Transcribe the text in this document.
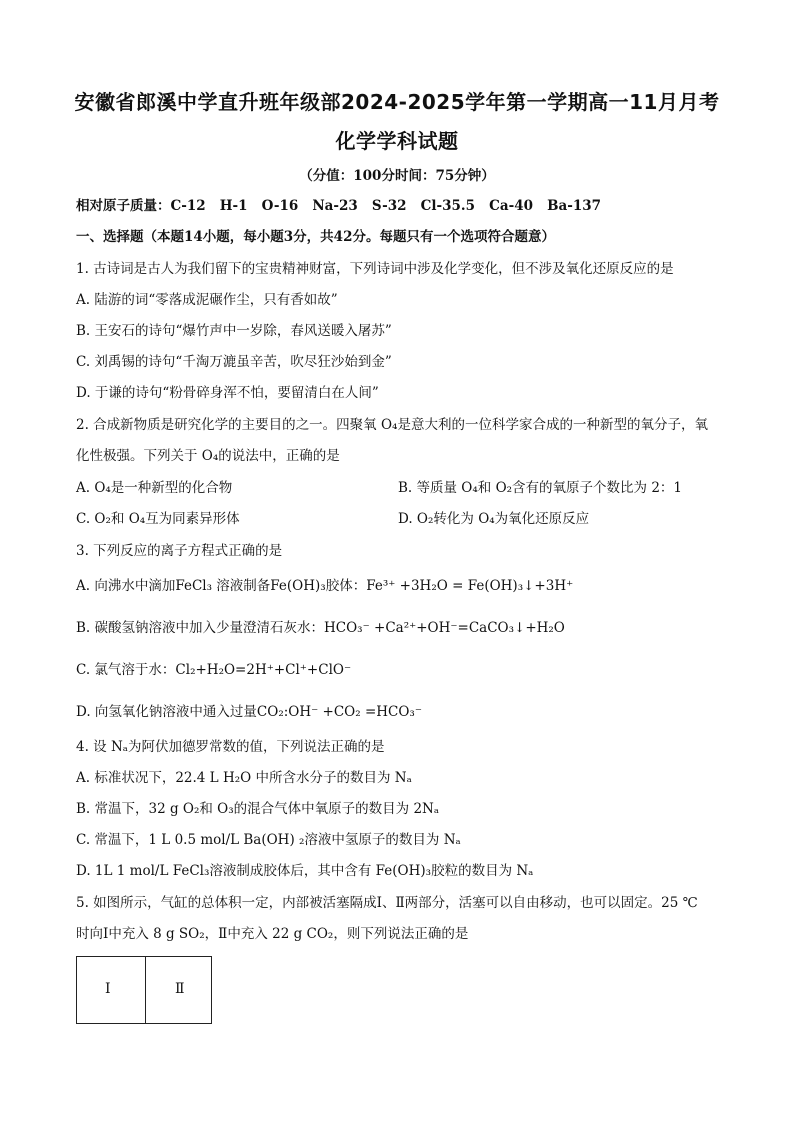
安徽省郎溪中学直升班年级部2024-2025学年第一学期高一11月月考
化学学科试题
（分值：100分时间：75分钟）
相对原子质量：C-12   H-1   O-16   Na-23   S-32   Cl-35.5   Ca-40   Ba-137
一、选择题（本题14小题，每小题3分，共42分。每题只有一个选项符合题意）
1. 古诗词是古人为我们留下的宝贵精神财富，下列诗词中涉及化学变化，但不涉及氧化还原反应的是
A. 陆游的词“零落成泥碾作尘，只有香如故”
B. 王安石的诗句“爆竹声中一岁除，春风送暖入屠苏”
C. 刘禹锡的诗句“千淘万漉虽辛苦，吹尽狂沙始到金”
D. 于谦的诗句“粉骨碎身浑不怕，要留清白在人间”
2. 合成新物质是研究化学的主要目的之一。四聚氧 O₄是意大利的一位科学家合成的一种新型的氧分子，氧
化性极强。下列关于 O₄的说法中，正确的是
A. O₄是一种新型的化合物	B. 等质量 O₄和 O₂含有的氧原子个数比为 2：1
C. O₂和 O₄互为同素异形体	D. O₂转化为 O₄为氧化还原反应
3. 下列反应的离子方程式正确的是
A. 向沸水中滴加FeCl₃ 溶液制备Fe(OH)₃胶体：Fe³⁺ +3H₂O = Fe(OH)₃↓+3H⁺
B. 碳酸氢钠溶液中加入少量澄清石灰水：HCO₃⁻ +Ca²⁺+OH⁻=CaCO₃↓+H₂O
C. 氯气溶于水：Cl₂+H₂O=2H⁺+Cl⁺+ClO⁻
D. 向氢氧化钠溶液中通入过量CO₂:OH⁻ +CO₂ =HCO₃⁻
4. 设 Nₐ为阿伏加德罗常数的值，下列说法正确的是
A. 标准状况下，22.4 L H₂O 中所含水分子的数目为 Nₐ
B. 常温下，32 g O₂和 O₃的混合气体中氧原子的数目为 2Nₐ
C. 常温下，1 L 0.5 mol/L Ba(OH) ₂溶液中氢原子的数目为 Nₐ
D. 1L 1 mol/L FeCl₃溶液制成胶体后，其中含有 Fe(OH)₃胶粒的数目为 Nₐ
5. 如图所示，气缸的总体积一定，内部被活塞隔成Ⅰ、Ⅱ两部分，活塞可以自由移动，也可以固定。25 ℃
时向Ⅰ中充入 8 g SO₂，Ⅱ中充入 22 g CO₂，则下列说法正确的是
Ⅰ	Ⅱ
